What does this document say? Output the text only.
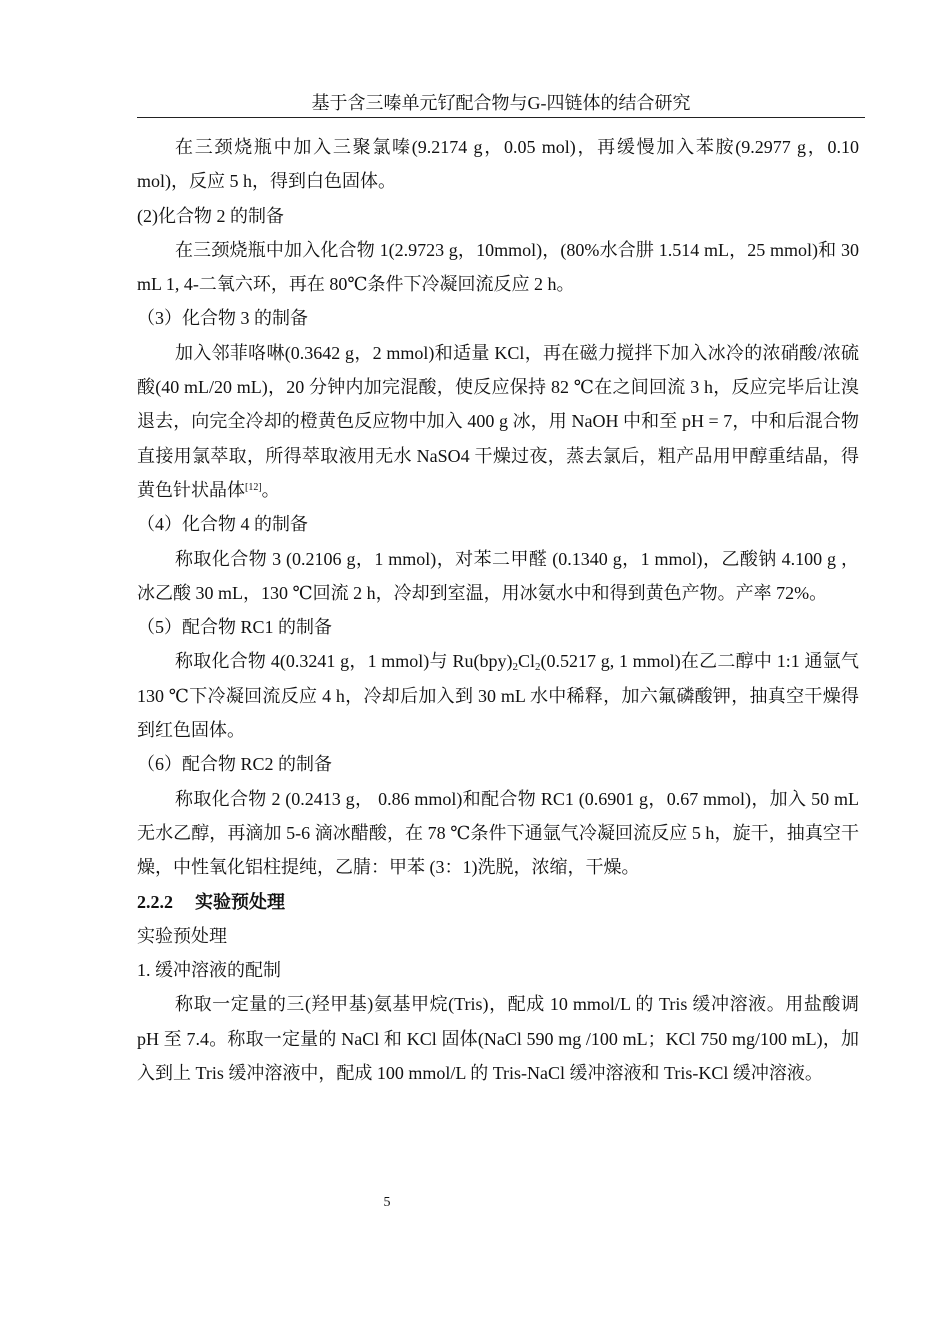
基于含三嗪单元钌配合物与G-四链体的结合研究

在三颈烧瓶中加入三聚氯嗪(9.2174 g，0.05 mol)，再缓慢加入苯胺(9.2977 g，0.10 mol)，反应 5 h，得到白色固体。

(2)化合物 2 的制备

在三颈烧瓶中加入化合物 1(2.9723 g，10mmol)，(80%水合肼 1.514 mL，25 mmol)和 30 mL 1, 4-二氧六环，再在 80℃条件下冷凝回流反应 2 h。

（3）化合物 3 的制备

加入邻菲咯啉(0.3642 g，2 mmol)和适量 KCl，再在磁力搅拌下加入冰冷的浓硝酸/浓硫酸(40 mL/20 mL)，20 分钟内加完混酸，使反应保持 82 ℃在之间回流 3 h，反应完毕后让溴退去，向完全冷却的橙黄色反应物中加入 400 g 冰，用 NaOH 中和至 pH = 7，中和后混合物直接用氯萃取，所得萃取液用无水 NaSO4 干燥过夜，蒸去氯后，粗产品用甲醇重结晶，得黄色针状晶体[12]。

（4）化合物 4 的制备

称取化合物 3 (0.2106 g，1 mmol)，对苯二甲醛 (0.1340 g，1 mmol)，乙酸钠 4.100 g ，冰乙酸 30 mL，130 ℃回流 2 h，冷却到室温，用冰氨水中和得到黄色产物。产率 72%。

（5）配合物 RC1 的制备

称取化合物 4(0.3241 g，1 mmol)与 $Ru(bpy)_2Cl_2(0.5217$ g, 1 mmol)在乙二醇中 1:1 通氩气 130 ℃下冷凝回流反应 4 h，冷却后加入到 30 mL 水中稀释，加六氟磷酸钾，抽真空干燥得到红色固体。

（6）配合物 RC2 的制备

称取化合物 2 (0.2413 g， 0.86 mmol)和配合物 RC1 (0.6901 g，0.67 mmol)，加入 50 mL 无水乙醇，再滴加 5-6 滴冰醋酸，在 78 ℃条件下通氩气冷凝回流反应 5 h，旋干，抽真空干燥，中性氧化铝柱提纯，乙腈：甲苯 (3：1)洗脱，浓缩，干燥。

2.2.2 实验预处理

实验预处理

1. 缓冲溶液的配制

称取一定量的三(羟甲基)氨基甲烷(Tris)，配成 10 mmol/L 的 Tris 缓冲溶液。用盐酸调 pH 至 7.4。称取一定量的 NaCl 和 KCl 固体(NaCl 590 mg /100 mL；KCl 750 mg/100 mL)，加入到上 Tris 缓冲溶液中，配成 100 mmol/L 的 Tris-NaCl 缓冲溶液和 Tris-KCl 缓冲溶液。

5
